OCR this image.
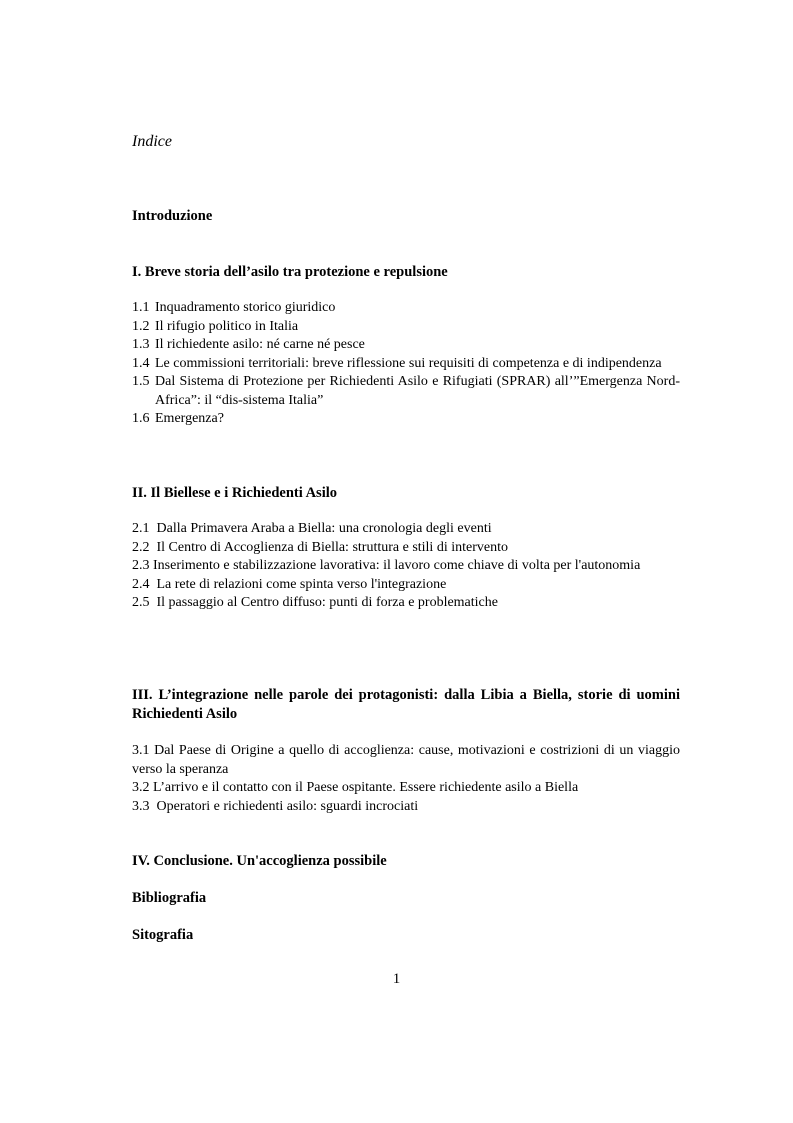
Indice
Introduzione
I. Breve storia dell’asilo tra protezione e repulsione
1.1 Inquadramento storico giuridico
1.2 Il rifugio politico in Italia
1.3 Il richiedente asilo: né carne né pesce
1.4 Le commissioni territoriali: breve riflessione sui requisiti di competenza e di indipendenza
1.5 Dal Sistema di Protezione per Richiedenti Asilo e Rifugiati (SPRAR) all’”Emergenza Nord-Africa”: il “dis-sistema Italia”
1.6 Emergenza?
II. Il Biellese e i Richiedenti Asilo
2.1 Dalla Primavera Araba a Biella: una cronologia degli eventi
2.2 Il Centro di Accoglienza di Biella: struttura e stili di intervento
2.3 Inserimento e stabilizzazione lavorativa: il lavoro come chiave di volta per l'autonomia
2.4 La rete di relazioni come spinta verso l'integrazione
2.5 Il passaggio al Centro diffuso: punti di forza e problematiche
III. L’integrazione nelle parole dei protagonisti: dalla Libia a Biella, storie di uomini Richiedenti Asilo
3.1 Dal Paese di Origine a quello di accoglienza: cause, motivazioni e costrizioni di un viaggio verso la speranza
3.2 L’arrivo e il contatto con il Paese ospitante. Essere richiedente asilo a Biella
3.3 Operatori e richiedenti asilo: sguardi incrociati
IV. Conclusione. Un'accoglienza possibile
Bibliografia
Sitografia
1
